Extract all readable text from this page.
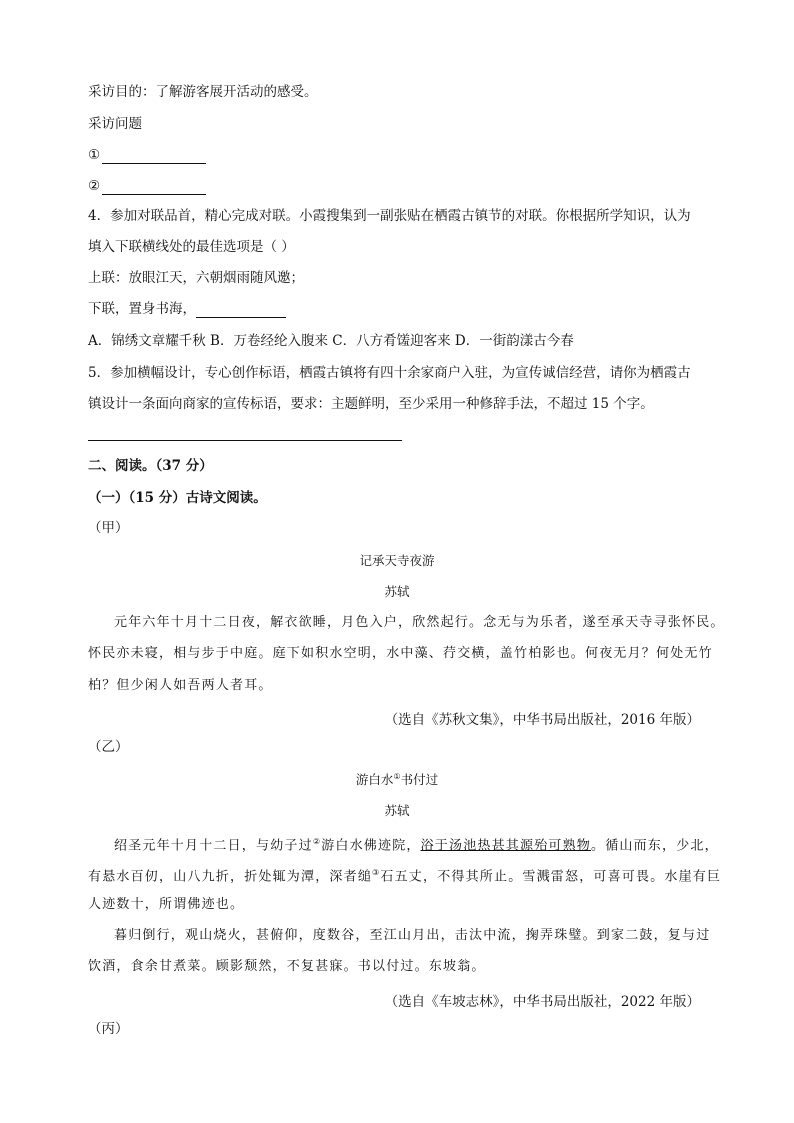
采访目的：了解游客展开活动的感受。
采访问题
①
②
4．参加对联品首，精心完成对联。小霞搜集到一副张贴在栖霞古镇节的对联。你根据所学知识，认为
填入下联横线处的最佳选项是（ ）
上联：放眼江天，六朝烟雨随风邀；
下联，置身书海，
A．锦绣文章耀千秋 B．万卷经纶入腹来 C．八方肴馐迎客来 D．一街韵漾古今春
5．参加横幅设计，专心创作标语，栖霞古镇将有四十余家商户入驻，为宣传诚信经营，请你为栖霞古
镇设计一条面向商家的宣传标语，要求：主题鲜明，至少采用一种修辞手法，不超过 15 个字。
二、阅读。（37 分）
（一）（15 分）古诗文阅读。
（甲）
记承天寺夜游
苏轼
元年六年十月十二日夜，解衣欲睡，月色入户，欣然起行。念无与为乐者，遂至承天寺寻张怀民。
怀民亦未寝，相与步于中庭。庭下如积水空明，水中藻、荇交横，盖竹柏影也。何夜无月？何处无竹
柏？但少闲人如吾两人者耳。
（选自《苏秋文集》，中华书局出版社，2016 年版）
（乙）
游白水①书付过
苏轼
绍圣元年十月十二日，与幼子过②游白水佛迹院，浴于汤池热甚其源殆可熟物。循山而东，少北，
有悬水百仞，山八九折，折处辄为潭，深者缒③石五丈，不得其所止。雪溅雷怒，可喜可畏。水崖有巨
人迹数十，所谓佛迹也。
暮归倒行，观山烧火，甚俯仰，度数谷，至江山月出，击汰中流，掬弄珠璧。到家二鼓，复与过
饮酒，食余甘煮菜。顾影颓然，不复甚寐。书以付过。东坡翁。
（选自《车坡志林》，中华书局出版社，2022 年版）
（丙）
